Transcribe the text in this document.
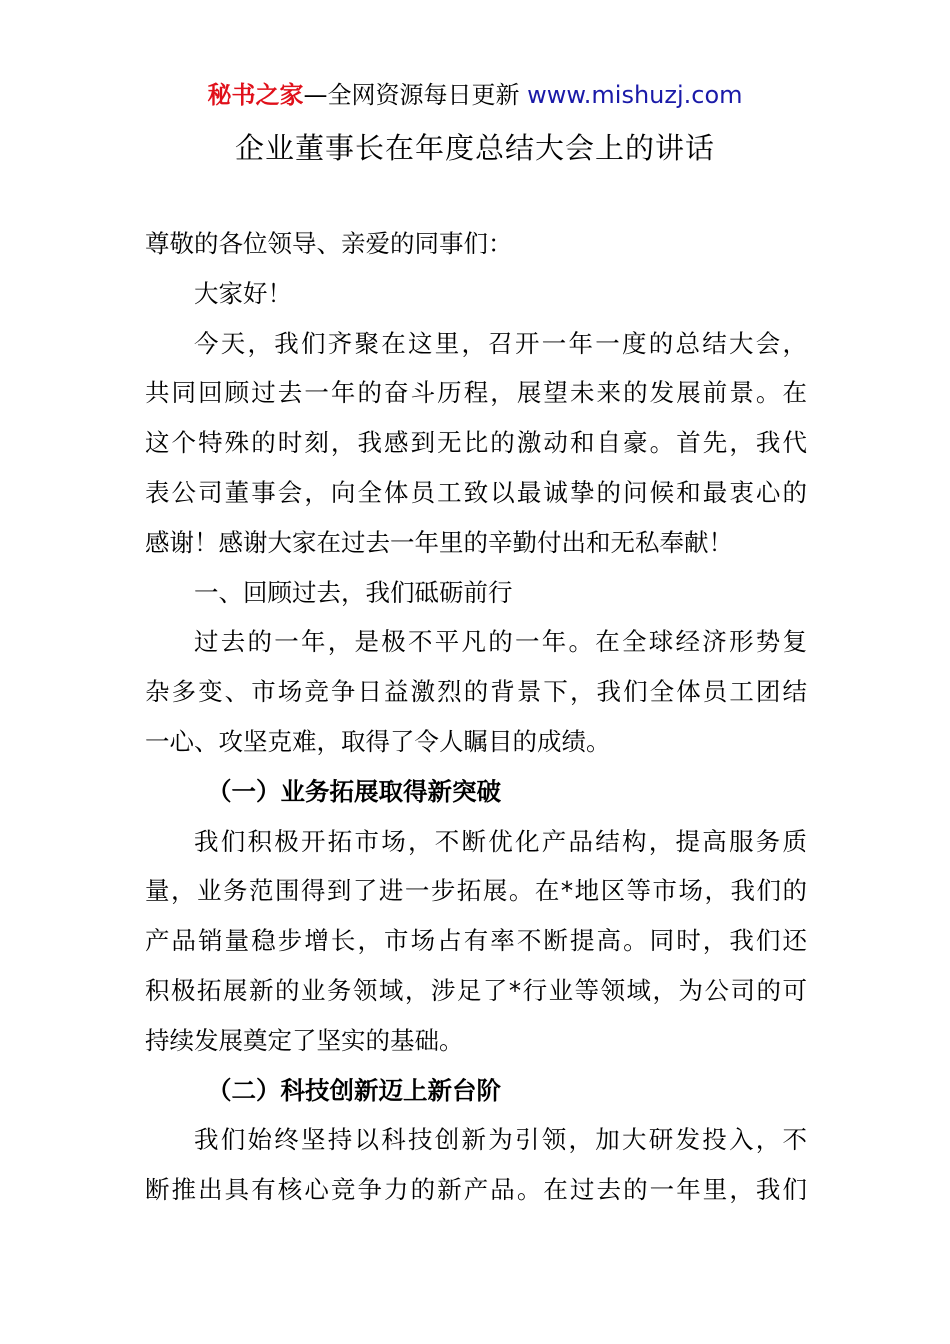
秘书之家—全网资源每日更新 www.mishuzj.com
企业董事长在年度总结大会上的讲话
尊敬的各位领导、亲爱的同事们：
大家好！
今天，我们齐聚在这里，召开一年一度的总结大会，
共同回顾过去一年的奋斗历程，展望未来的发展前景。在
这个特殊的时刻，我感到无比的激动和自豪。首先，我代
表公司董事会，向全体员工致以最诚挚的问候和最衷心的
感谢！感谢大家在过去一年里的辛勤付出和无私奉献！
一、回顾过去，我们砥砺前行
过去的一年，是极不平凡的一年。在全球经济形势复
杂多变、市场竞争日益激烈的背景下，我们全体员工团结
一心、攻坚克难，取得了令人瞩目的成绩。
（一）业务拓展取得新突破
我们积极开拓市场，不断优化产品结构，提高服务质
量，业务范围得到了进一步拓展。在*地区等市场，我们的
产品销量稳步增长，市场占有率不断提高。同时，我们还
积极拓展新的业务领域，涉足了*行业等领域，为公司的可
持续发展奠定了坚实的基础。
（二）科技创新迈上新台阶
我们始终坚持以科技创新为引领，加大研发投入，不
断推出具有核心竞争力的新产品。在过去的一年里，我们
